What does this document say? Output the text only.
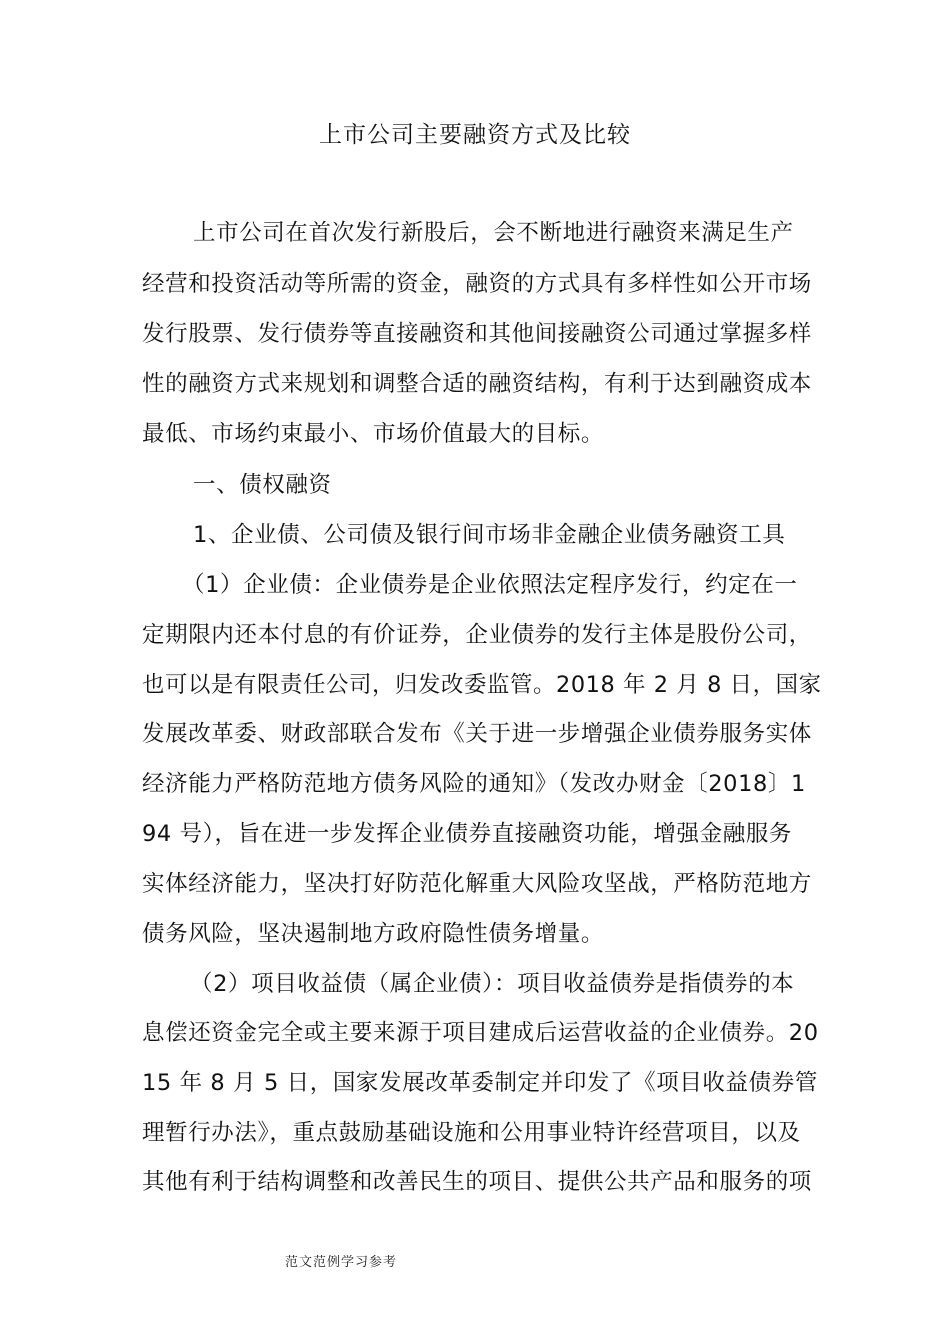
上市公司主要融资方式及比较
上市公司在首次发行新股后，会不断地进行融资来满足生产
经营和投资活动等所需的资金，融资的方式具有多样性如公开市场
发行股票、发行债券等直接融资和其他间接融资公司通过掌握多样
性的融资方式来规划和调整合适的融资结构，有利于达到融资成本
最低、市场约束最小、市场价值最大的目标。
一、债权融资
1、企业债、公司债及银行间市场非金融企业债务融资工具
（1）企业债：企业债券是企业依照法定程序发行，约定在一
定期限内还本付息的有价证券，企业债券的发行主体是股份公司，
也可以是有限责任公司，归发改委监管。2018 年 2 月 8 日，国家
发展改革委、财政部联合发布《关于进一步增强企业债券服务实体
经济能力严格防范地方债务风险的通知》（发改办财金〔2018〕1
94 号），旨在进一步发挥企业债券直接融资功能，增强金融服务
实体经济能力，坚决打好防范化解重大风险攻坚战，严格防范地方
债务风险，坚决遏制地方政府隐性债务增量。
（2）项目收益债（属企业债）：项目收益债券是指债券的本
息偿还资金完全或主要来源于项目建成后运营收益的企业债券。20
15 年 8 月 5 日，国家发展改革委制定并印发了《项目收益债券管
理暂行办法》，重点鼓励基础设施和公用事业特许经营项目，以及
其他有利于结构调整和改善民生的项目、提供公共产品和服务的项
范文范例学习参考
